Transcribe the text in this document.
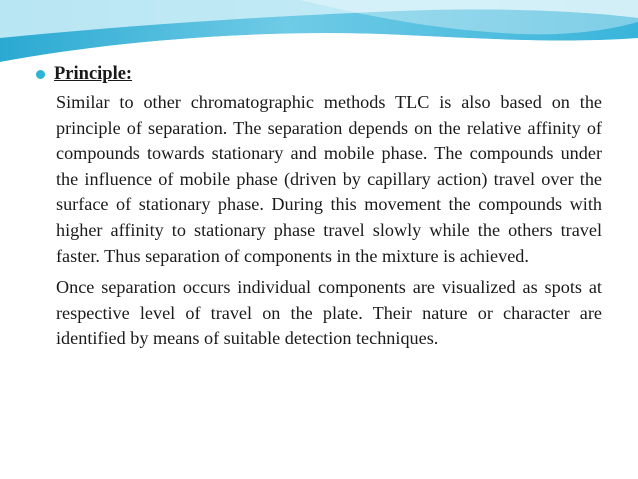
Principle:

Similar to other chromatographic methods TLC is also based on the principle of separation. The separation depends on the relative affinity of compounds towards stationary and mobile phase. The compounds under the influence of mobile phase (driven by capillary action) travel over the surface of stationary phase. During this movement the compounds with higher affinity to stationary phase travel slowly while the others travel faster. Thus separation of components in the mixture is achieved.

Once separation occurs individual components are visualized as spots at respective level of travel on the plate. Their nature or character are identified by means of suitable detection techniques.
